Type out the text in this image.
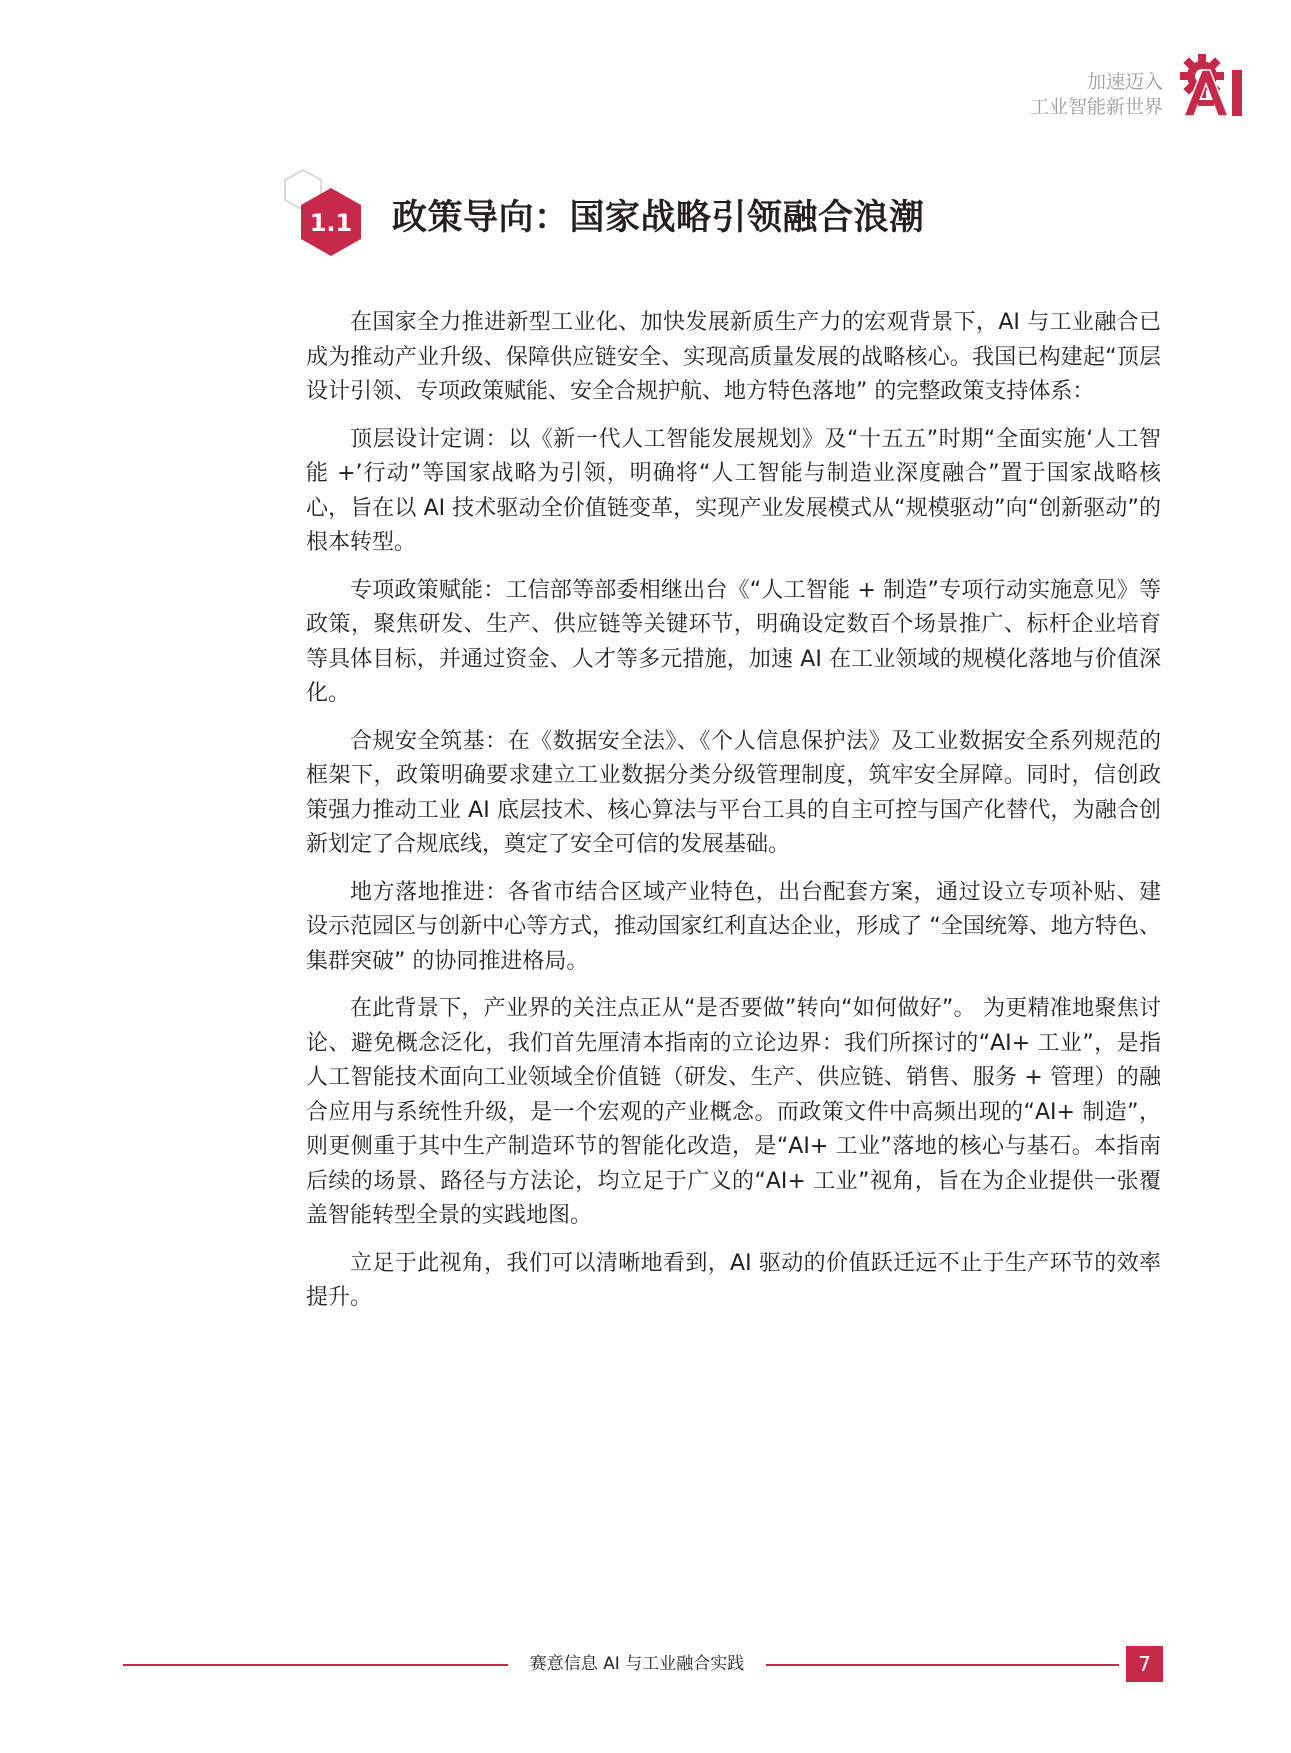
加速迈入
工业智能新世界
1.1 政策导向：国家战略引领融合浪潮

在国家全力推进新型工业化、加快发展新质生产力的宏观背景下，AI 与工业融合已成为推动产业升级、保障供应链安全、实现高质量发展的战略核心。我国已构建起“顶层设计引领、专项政策赋能、安全合规护航、地方特色落地” 的完整政策支持体系：

顶层设计定调：以《新一代人工智能发展规划》及“十五五”时期“全面实施‘人工智能 +’行动”等国家战略为引领，明确将“人工智能与制造业深度融合”置于国家战略核心，旨在以 AI 技术驱动全价值链变革，实现产业发展模式从“规模驱动”向“创新驱动”的根本转型。

专项政策赋能：工信部等部委相继出台《“人工智能 + 制造”专项行动实施意见》等政策，聚焦研发、生产、供应链等关键环节，明确设定数百个场景推广、标杆企业培育等具体目标，并通过资金、人才等多元措施，加速 AI 在工业领域的规模化落地与价值深化。

合规安全筑基：在《数据安全法》、《个人信息保护法》及工业数据安全系列规范的框架下，政策明确要求建立工业数据分类分级管理制度，筑牢安全屏障。同时，信创政策强力推动工业 AI 底层技术、核心算法与平台工具的自主可控与国产化替代，为融合创新划定了合规底线，奠定了安全可信的发展基础。

地方落地推进：各省市结合区域产业特色，出台配套方案，通过设立专项补贴、建设示范园区与创新中心等方式，推动国家红利直达企业，形成了 “全国统筹、地方特色、集群突破” 的协同推进格局。

在此背景下，产业界的关注点正从“是否要做”转向“如何做好”。 为更精准地聚焦讨论、避免概念泛化，我们首先厘清本指南的立论边界：我们所探讨的“AI+ 工业”，是指人工智能技术面向工业领域全价值链（研发、生产、供应链、销售、服务 + 管理）的融合应用与系统性升级，是一个宏观的产业概念。而政策文件中高频出现的“AI+ 制造”，则更侧重于其中生产制造环节的智能化改造，是“AI+ 工业”落地的核心与基石。本指南后续的场景、路径与方法论，均立足于广义的“AI+ 工业”视角，旨在为企业提供一张覆盖智能转型全景的实践地图。

立足于此视角，我们可以清晰地看到，AI 驱动的价值跃迁远不止于生产环节的效率提升。

赛意信息 AI 与工业融合实践	7
